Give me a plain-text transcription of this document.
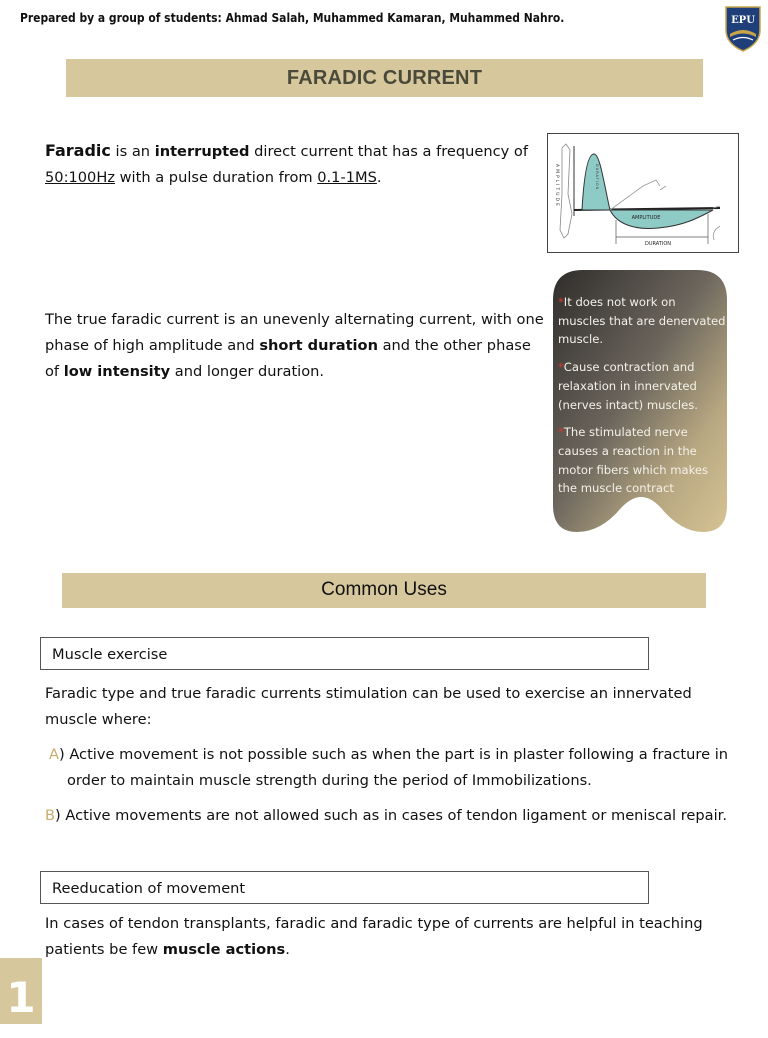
Prepared by a group of students: Ahmad Salah, Muhammed Kamaran, Muhammed Nahro.	EPU
FARADIC CURRENT
Faradic is an interrupted direct current that has a frequency of 50:100Hz with a pulse duration from 0.1-1MS.
AMPLITUDE
DURATION
AMPLITUDE	DURATION
The true faradic current is an unevenly alternating current, with one phase of high amplitude and short duration and the other phase of low intensity and longer duration.

*It does not work on muscles that are denervated muscle.

*Cause contraction and relaxation in innervated (nerves intact) muscles.

*The stimulated nerve causes a reaction in the motor fibers which makes the muscle contract

Common Uses
Muscle exercise
Faradic type and true faradic currents stimulation can be used to exercise an innervated muscle where:
A) Active movement is not possible such as when the part is in plaster following a fracture in order to maintain muscle strength during the period of Immobilizations.
B) Active movements are not allowed such as in cases of tendon ligament or meniscal repair.
Reeducation of movement
In cases of tendon transplants, faradic and faradic type of currents are helpful in teaching patients be few muscle actions.
1
